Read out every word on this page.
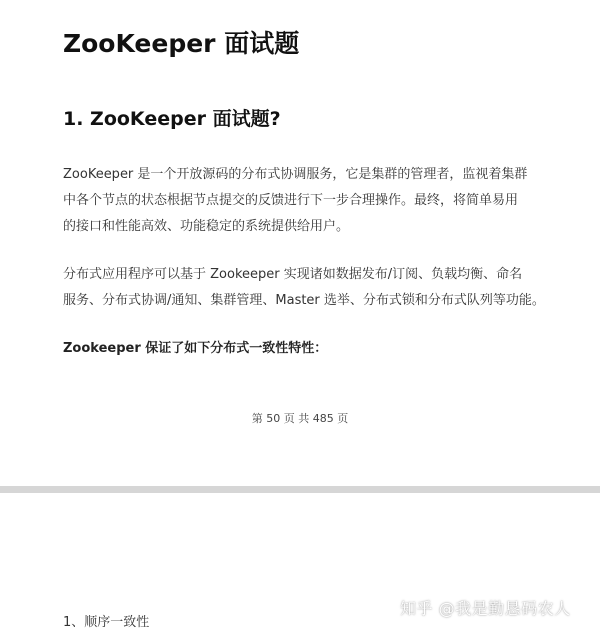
ZooKeeper 面试题
1. ZooKeeper 面试题?

ZooKeeper 是一个开放源码的分布式协调服务，它是集群的管理者，监视着集群
中各个节点的状态根据节点提交的反馈进行下一步合理操作。最终，将简单易用
的接口和性能高效、功能稳定的系统提供给用户。

分布式应用程序可以基于 Zookeeper 实现诸如数据发布/订阅、负载均衡、命名
服务、分布式协调/通知、集群管理、Master 选举、分布式锁和分布式队列等功能。

Zookeeper 保证了如下分布式一致性特性：

第 50 页 共 485 页
1、顺序一致性
知乎 @我是勤恳码农人
